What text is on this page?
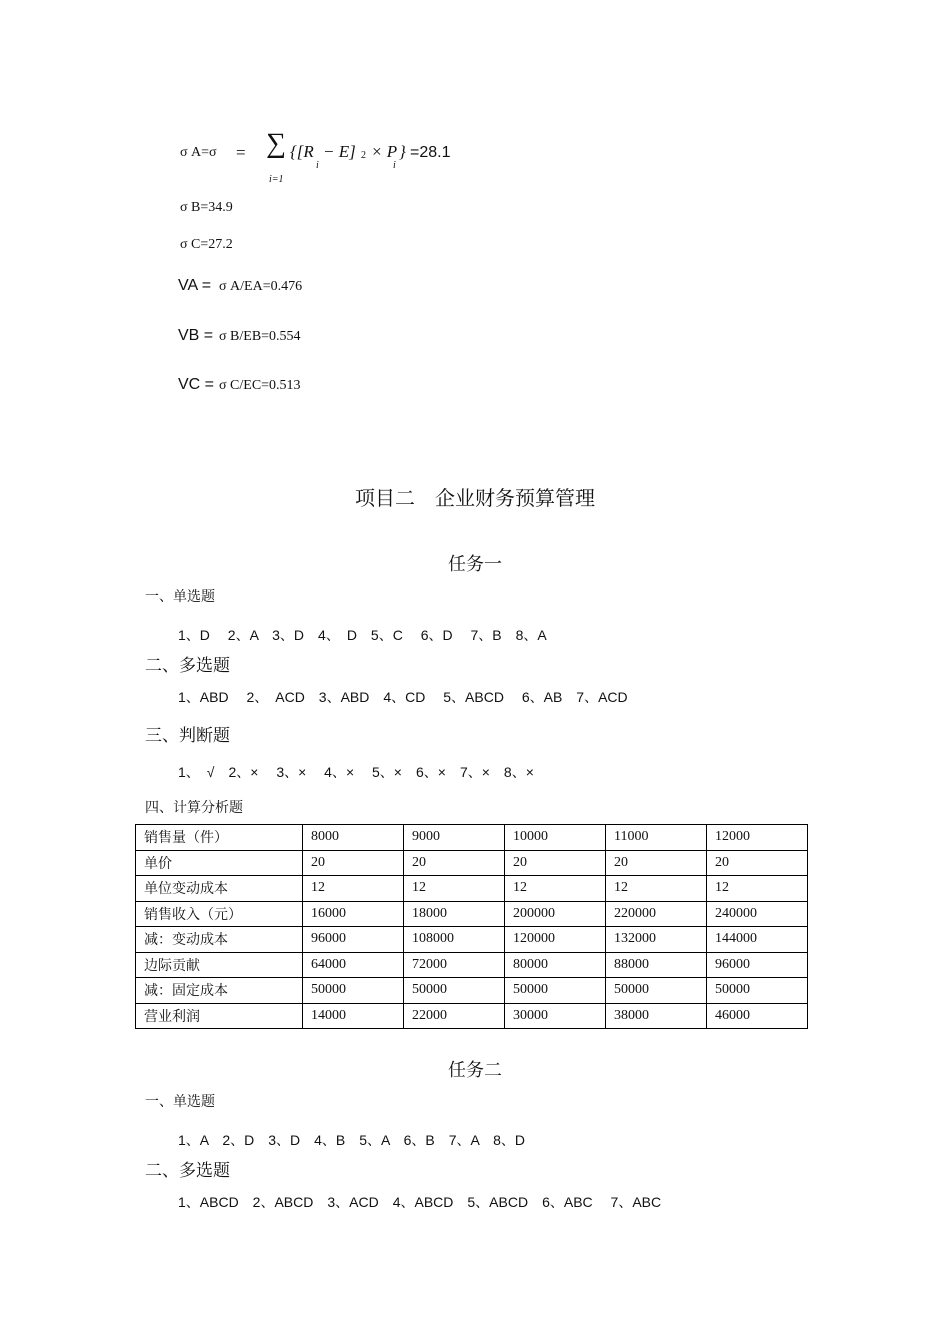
σ A=σ = ∑
i=1
{[R
i
− E] 2 × P
i
} =28.1
σ B=34.9
σ C=27.2
VA = σ A/EA=0.476
VB = σ B/EB=0.554
VC = σ C/EC=0.513
项目二　企业财务预算管理
任务一
一、单选题
1、D　 2、A　3、D　4、　D　5、C　 6、D　 7、B　8、A
二、多选题
1、ABD　 2、　ACD　3、ABD　4、CD　 5、ABCD　 6、AB　7、ACD
三、判断题
1、　√　2、×　 3、×　 4、×　 5、×　6、×　7、×　8、×
四、计算分析题
销售量（件）	8000	9000	10000	11000	12000
单价	20	20	20	20	20
单位变动成本	12	12	12	12	12
销售收入（元）	16000	18000	200000	220000	240000
减：变动成本	96000	108000	120000	132000	144000
边际贡献	64000	72000	80000	88000	96000
减：固定成本	50000	50000	50000	50000	50000
营业利润	14000	22000	30000	38000	46000
任务二
一、单选题
1、A　2、D　3、D　4、B　5、A　6、B　7、A　8、D
二、多选题
1、ABCD　2、ABCD　3、ACD　4、ABCD　5、ABCD　6、ABC　 7、ABC
